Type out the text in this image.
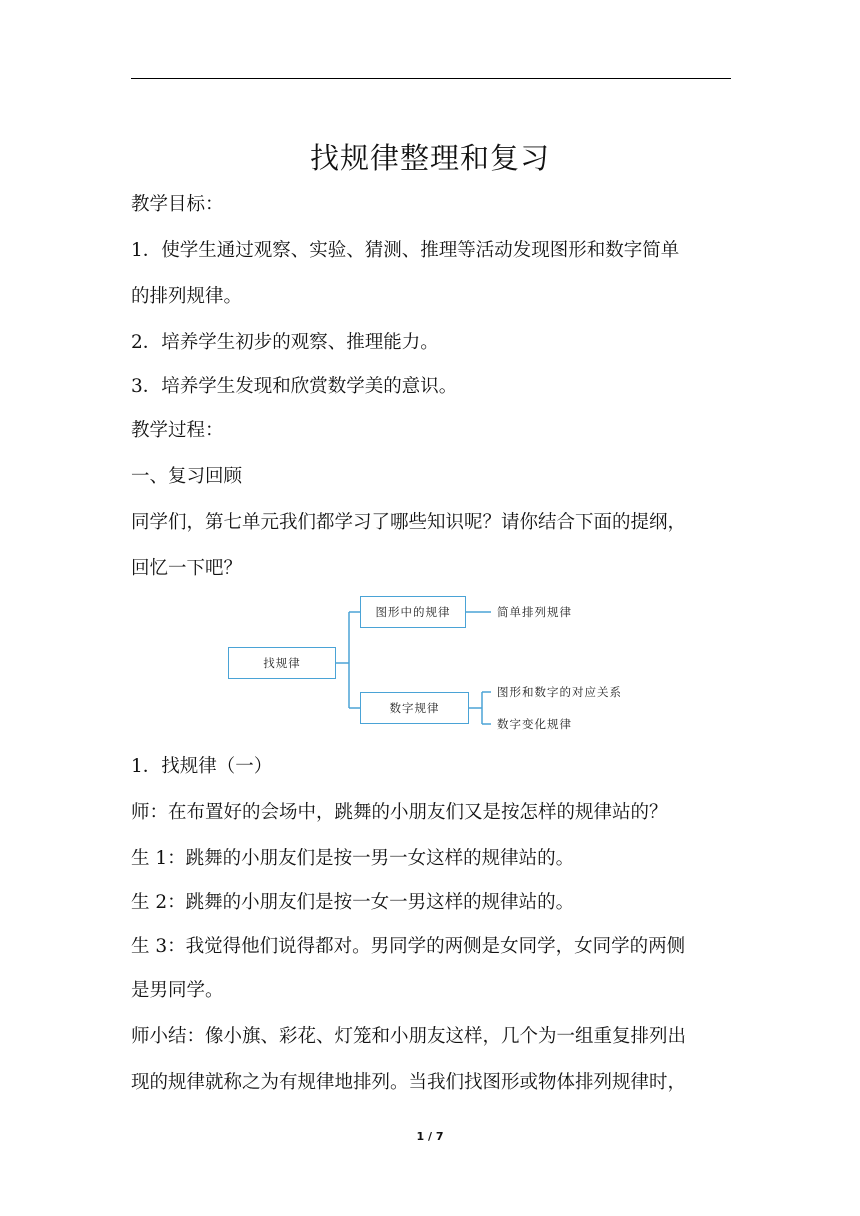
找规律整理和复习
教学目标：
1．使学生通过观察、实验、猜测、推理等活动发现图形和数字简单
的排列规律。
2．培养学生初步的观察、推理能力。
3．培养学生发现和欣赏数学美的意识。
教学过程：
一、复习回顾
同学们，第七单元我们都学习了哪些知识呢？请你结合下面的提纲，
回忆一下吧？
找规律
图形中的规律
数字规律
简单排列规律
图形和数字的对应关系
数字变化规律
1．找规律（一）
师：在布置好的会场中，跳舞的小朋友们又是按怎样的规律站的？
生 1：跳舞的小朋友们是按一男一女这样的规律站的。
生 2：跳舞的小朋友们是按一女一男这样的规律站的。
生 3：我觉得他们说得都对。男同学的两侧是女同学，女同学的两侧
是男同学。
师小结：像小旗、彩花、灯笼和小朋友这样，几个为一组重复排列出
现的规律就称之为有规律地排列。当我们找图形或物体排列规律时，
1 / 7
